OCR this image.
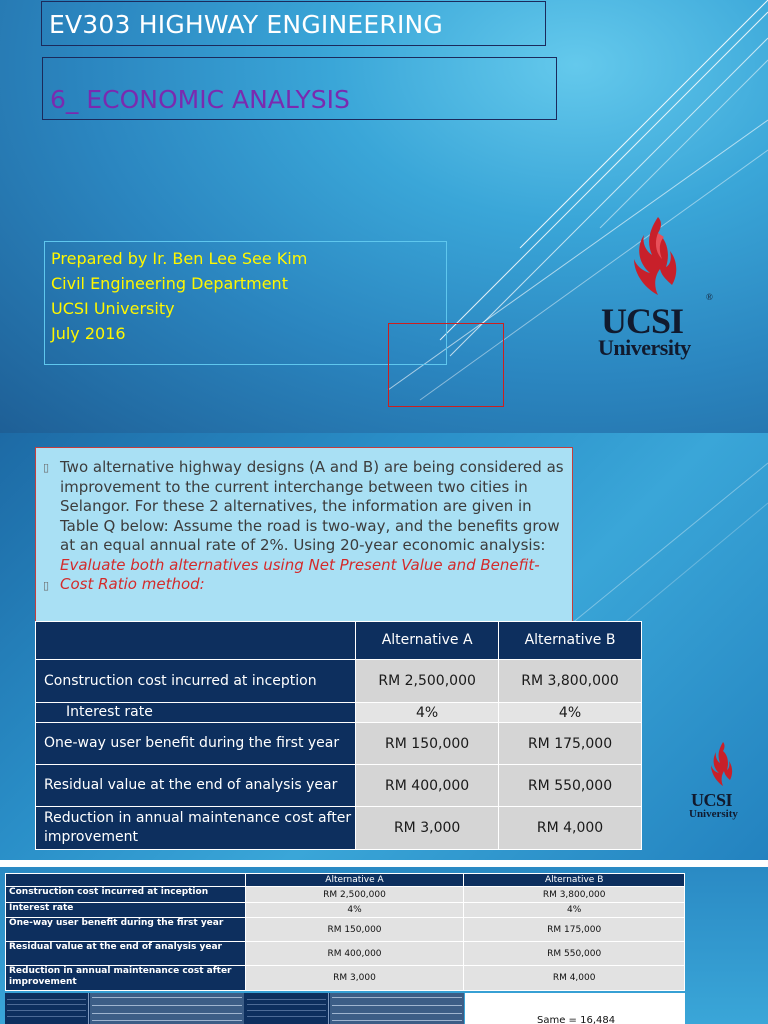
EV303 HIGHWAY ENGINEERING
6_ ECONOMIC ANALYSIS
Prepared by Ir. Ben Lee See Kim
Civil Engineering Department
UCSI University
July 2016	UCSI
®
University
▯ Two alternative highway designs (A and B) are being considered as improvement to the current interchange between two cities in Selangor. For these 2 alternatives, the information are given in Table Q below: Assume the road is two-way, and the benefits grow at an equal annual rate of 2%. Using 20-year economic analysis:
▯
Evaluate both alternatives using Net Present Value and Benefit-Cost Ratio method:
	Alternative A	Alternative B
Construction cost incurred at inception	RM 2,500,000	RM 3,800,000
Interest rate	4%	4%
One-way user benefit during the first year	RM 150,000	RM 175,000
Residual value at the end of analysis year	RM 400,000	RM 550,000
Reduction in annual maintenance cost after improvement	RM 3,000	RM 4,000
UCSI
University
	Alternative A	Alternative B
Construction cost incurred at inception	RM 2,500,000	RM 3,800,000
Interest rate	4%	4%
One-way user benefit during the first year	RM 150,000	RM 175,000
Residual value at the end of analysis year	RM 400,000	RM 550,000
Reduction in annual maintenance cost after improvement	RM 3,000	RM 4,000
Same = 16,484
